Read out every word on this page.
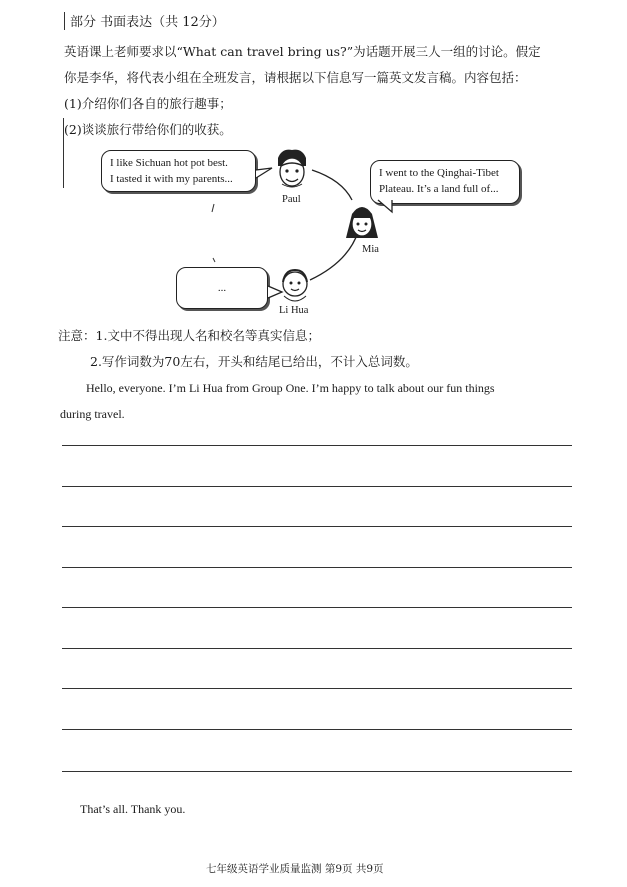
部分 书面表达（共 12分）
英语课上老师要求以“What can travel bring us?”为话题开展三人一组的讨论。假定
你是李华，将代表小组在全班发言，请根据以下信息写一篇英文发言稿。内容包括：
(1)介绍你们各自的旅行趣事；
(2)谈谈旅行带给你们的收获。
I like Sichuan hot pot best.
I tasted it with my parents...	I went to the Qinghai-Tibet
Plateau. It’s a land full of...
...
Paul
Mia
Li Hua
注意：1.文中不得出现人名和校名等真实信息；
2.写作词数为70左右，开头和结尾已给出，不计入总词数。
Hello, everyone. I’m Li Hua from Group One. I’m happy to talk about our fun things
during travel.
That’s all. Thank you.
七年级英语学业质量监测 第9页 共9页
